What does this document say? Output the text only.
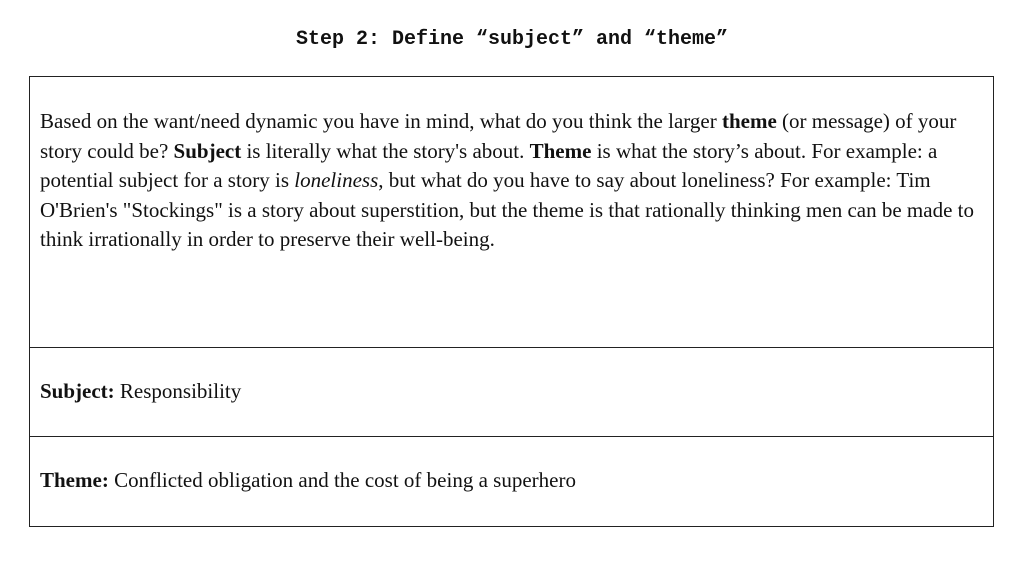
Step 2: Define “subject” and “theme”
Based on the want/need dynamic you have in mind, what do you think the larger theme (or message) of your story could be? Subject is literally what the story's about. Theme is what the story’s about. For example: a potential subject for a story is loneliness, but what do you have to say about loneliness? For example: Tim O'Brien's "Stockings" is a story about superstition, but the theme is that rationally thinking men can be made to think irrationally in order to preserve their well-being.
Subject: Responsibility
Theme: Conflicted obligation and the cost of being a superhero
